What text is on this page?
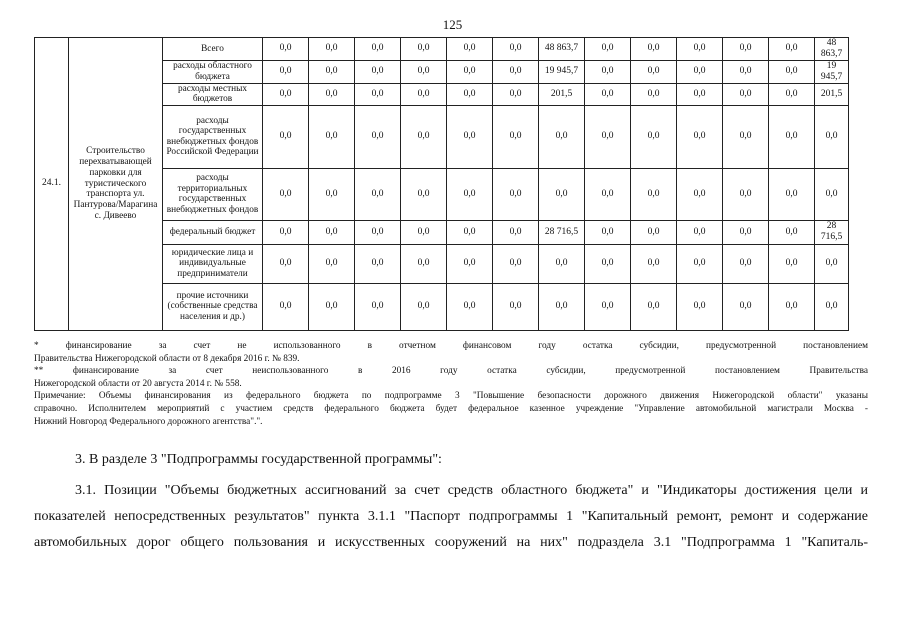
125
24.1.	Строительство перехватывающей парковки для туристического транспорта ул. Пантурова/Марагина с. Дивеево	Всего	0,0	0,0	0,0	0,0	0,0	0,0	48 863,7	0,0	0,0	0,0	0,0	0,0	48 863,7
		расходы областного бюджета	0,0	0,0	0,0	0,0	0,0	0,0	19 945,7	0,0	0,0	0,0	0,0	0,0	19 945,7
		расходы местных бюджетов	0,0	0,0	0,0	0,0	0,0	0,0	201,5	0,0	0,0	0,0	0,0	0,0	201,5
		расходы государственных внебюджетных фондов Российской Федерации	0,0	0,0	0,0	0,0	0,0	0,0	0,0	0,0	0,0	0,0	0,0	0,0	0,0
		расходы территориальных государственных внебюджетных фондов	0,0	0,0	0,0	0,0	0,0	0,0	0,0	0,0	0,0	0,0	0,0	0,0	0,0
		федеральный бюджет	0,0	0,0	0,0	0,0	0,0	0,0	28 716,5	0,0	0,0	0,0	0,0	0,0	28 716,5
		юридические лица и индивидуальные предприниматели	0,0	0,0	0,0	0,0	0,0	0,0	0,0	0,0	0,0	0,0	0,0	0,0	0,0
		прочие источники (собственные средства населения и др.)	0,0	0,0	0,0	0,0	0,0	0,0	0,0	0,0	0,0	0,0	0,0	0,0	0,0

* финансирование за счет не использованного в отчетном финансовом году остатка субсидии, предусмотренной постановлением

Правительства Нижегородской области от 8 декабря 2016 г. № 839.

** финансирование за счет неиспользованного в 2016 году остатка субсидии, предусмотренной постановлением Правительства

Нижегородской области от 20 августа 2014 г. № 558.

Примечание: Объемы финансирования из федерального бюджета по подпрограмме 3 "Повышение безопасности дорожного движения Нижегородской области" указаны

справочно. Исполнителем мероприятий с участием средств федерального бюджета будет федеральное казенное учреждение "Управление автомобильной магистрали Москва -

Нижний Новгород Федерального дорожного агентства".".

3. В разделе 3 "Подпрограммы государственной программы":

3.1. Позиции "Объемы бюджетных ассигнований за счет средств областного бюджета" и "Индикаторы достижения цели и

показателей непосредственных результатов" пункта 3.1.1 "Паспорт подпрограммы 1 "Капитальный ремонт, ремонт и содержание

автомобильных дорог общего пользования и искусственных сооружений на них" подраздела 3.1 "Подпрограмма 1 "Капиталь-
